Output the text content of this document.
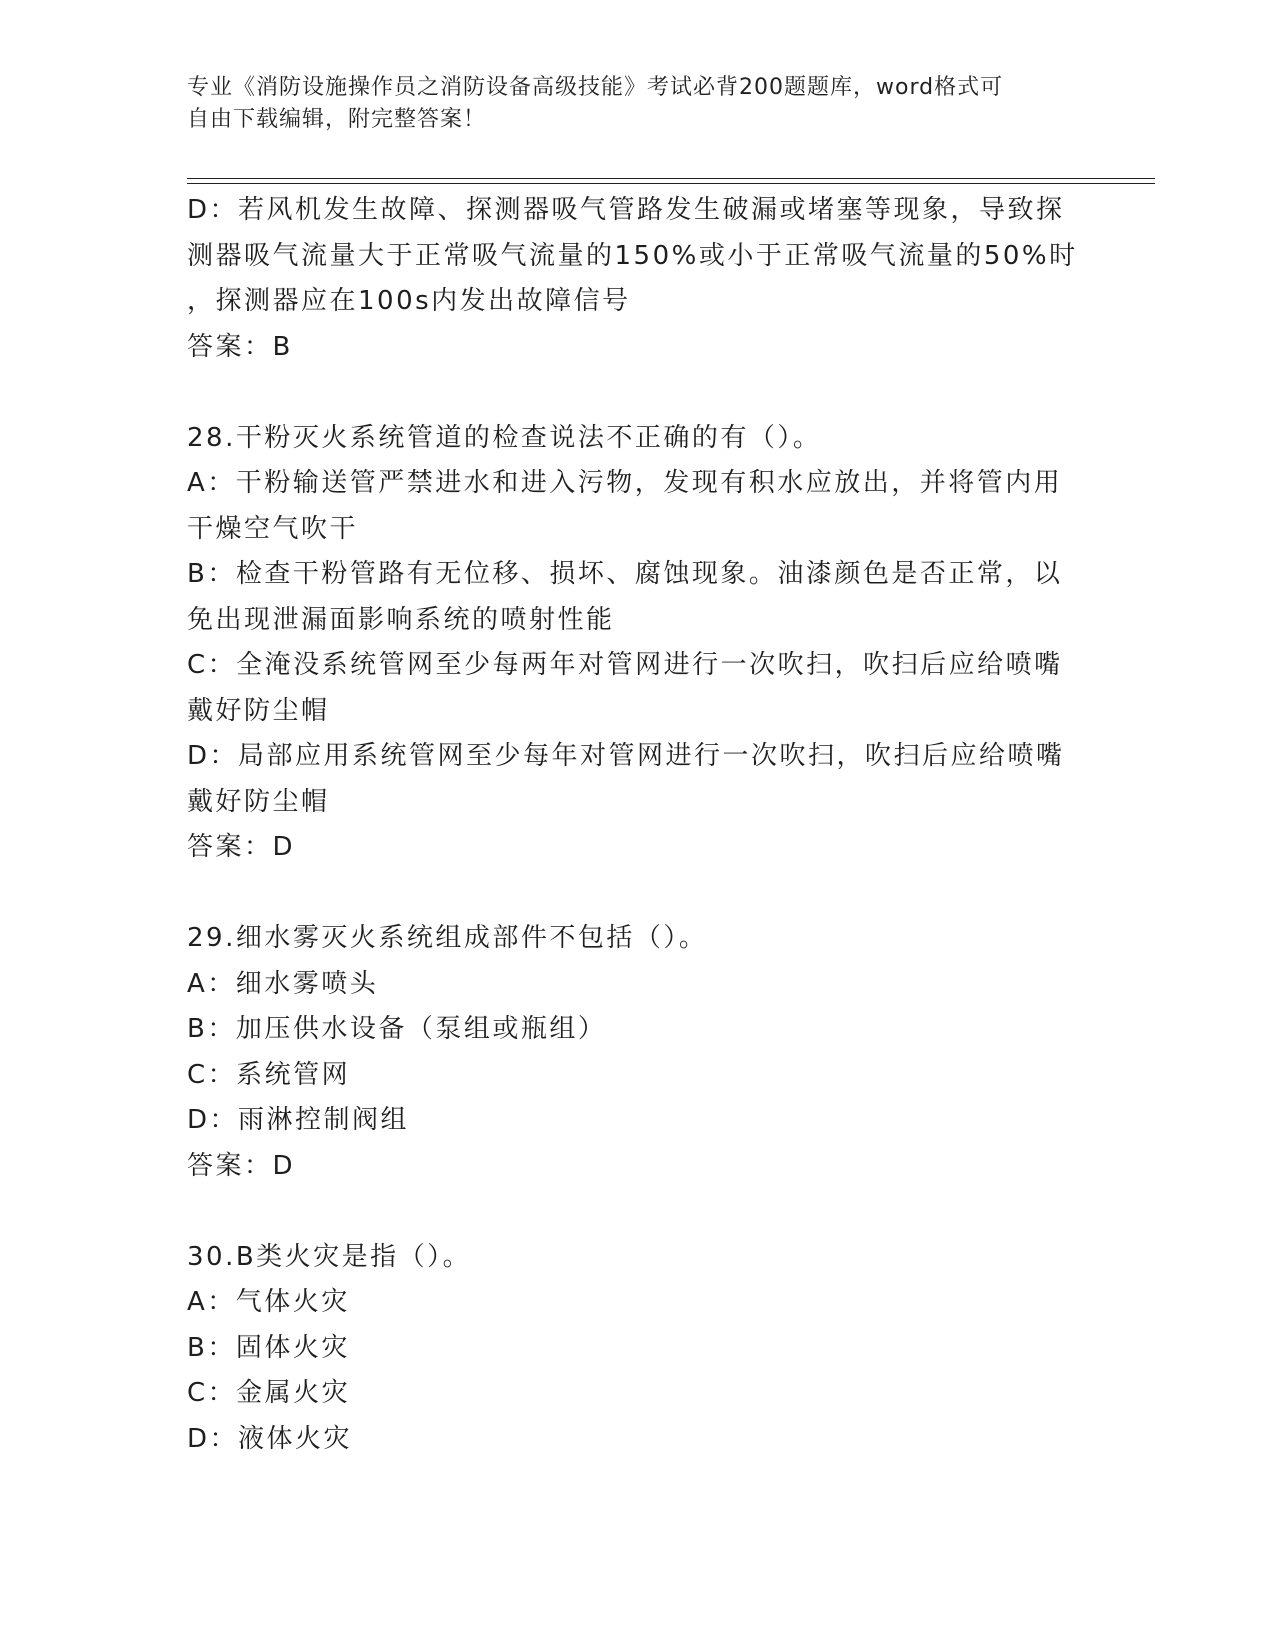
专业《消防设施操作员之消防设备高级技能》考试必背200题题库，word格式可
自由下载编辑，附完整答案！
D：若风机发生故障、探测器吸气管路发生破漏或堵塞等现象，导致探
测器吸气流量大于正常吸气流量的150%或小于正常吸气流量的50%时
，探测器应在100s内发出故障信号
答案：B
28.干粉灭火系统管道的检查说法不正确的有（）。
A：干粉输送管严禁进水和进入污物，发现有积水应放出，并将管内用
干燥空气吹干
B：检查干粉管路有无位移、损坏、腐蚀现象。油漆颜色是否正常，以
免出现泄漏面影响系统的喷射性能
C：全淹没系统管网至少每两年对管网进行一次吹扫，吹扫后应给喷嘴
戴好防尘帽
D：局部应用系统管网至少每年对管网进行一次吹扫，吹扫后应给喷嘴
戴好防尘帽
答案：D
29.细水雾灭火系统组成部件不包括（）。
A：细水雾喷头
B：加压供水设备（泵组或瓶组）
C：系统管网
D：雨淋控制阀组
答案：D
30.B类火灾是指（）。
A：气体火灾
B：固体火灾
C：金属火灾
D：液体火灾
